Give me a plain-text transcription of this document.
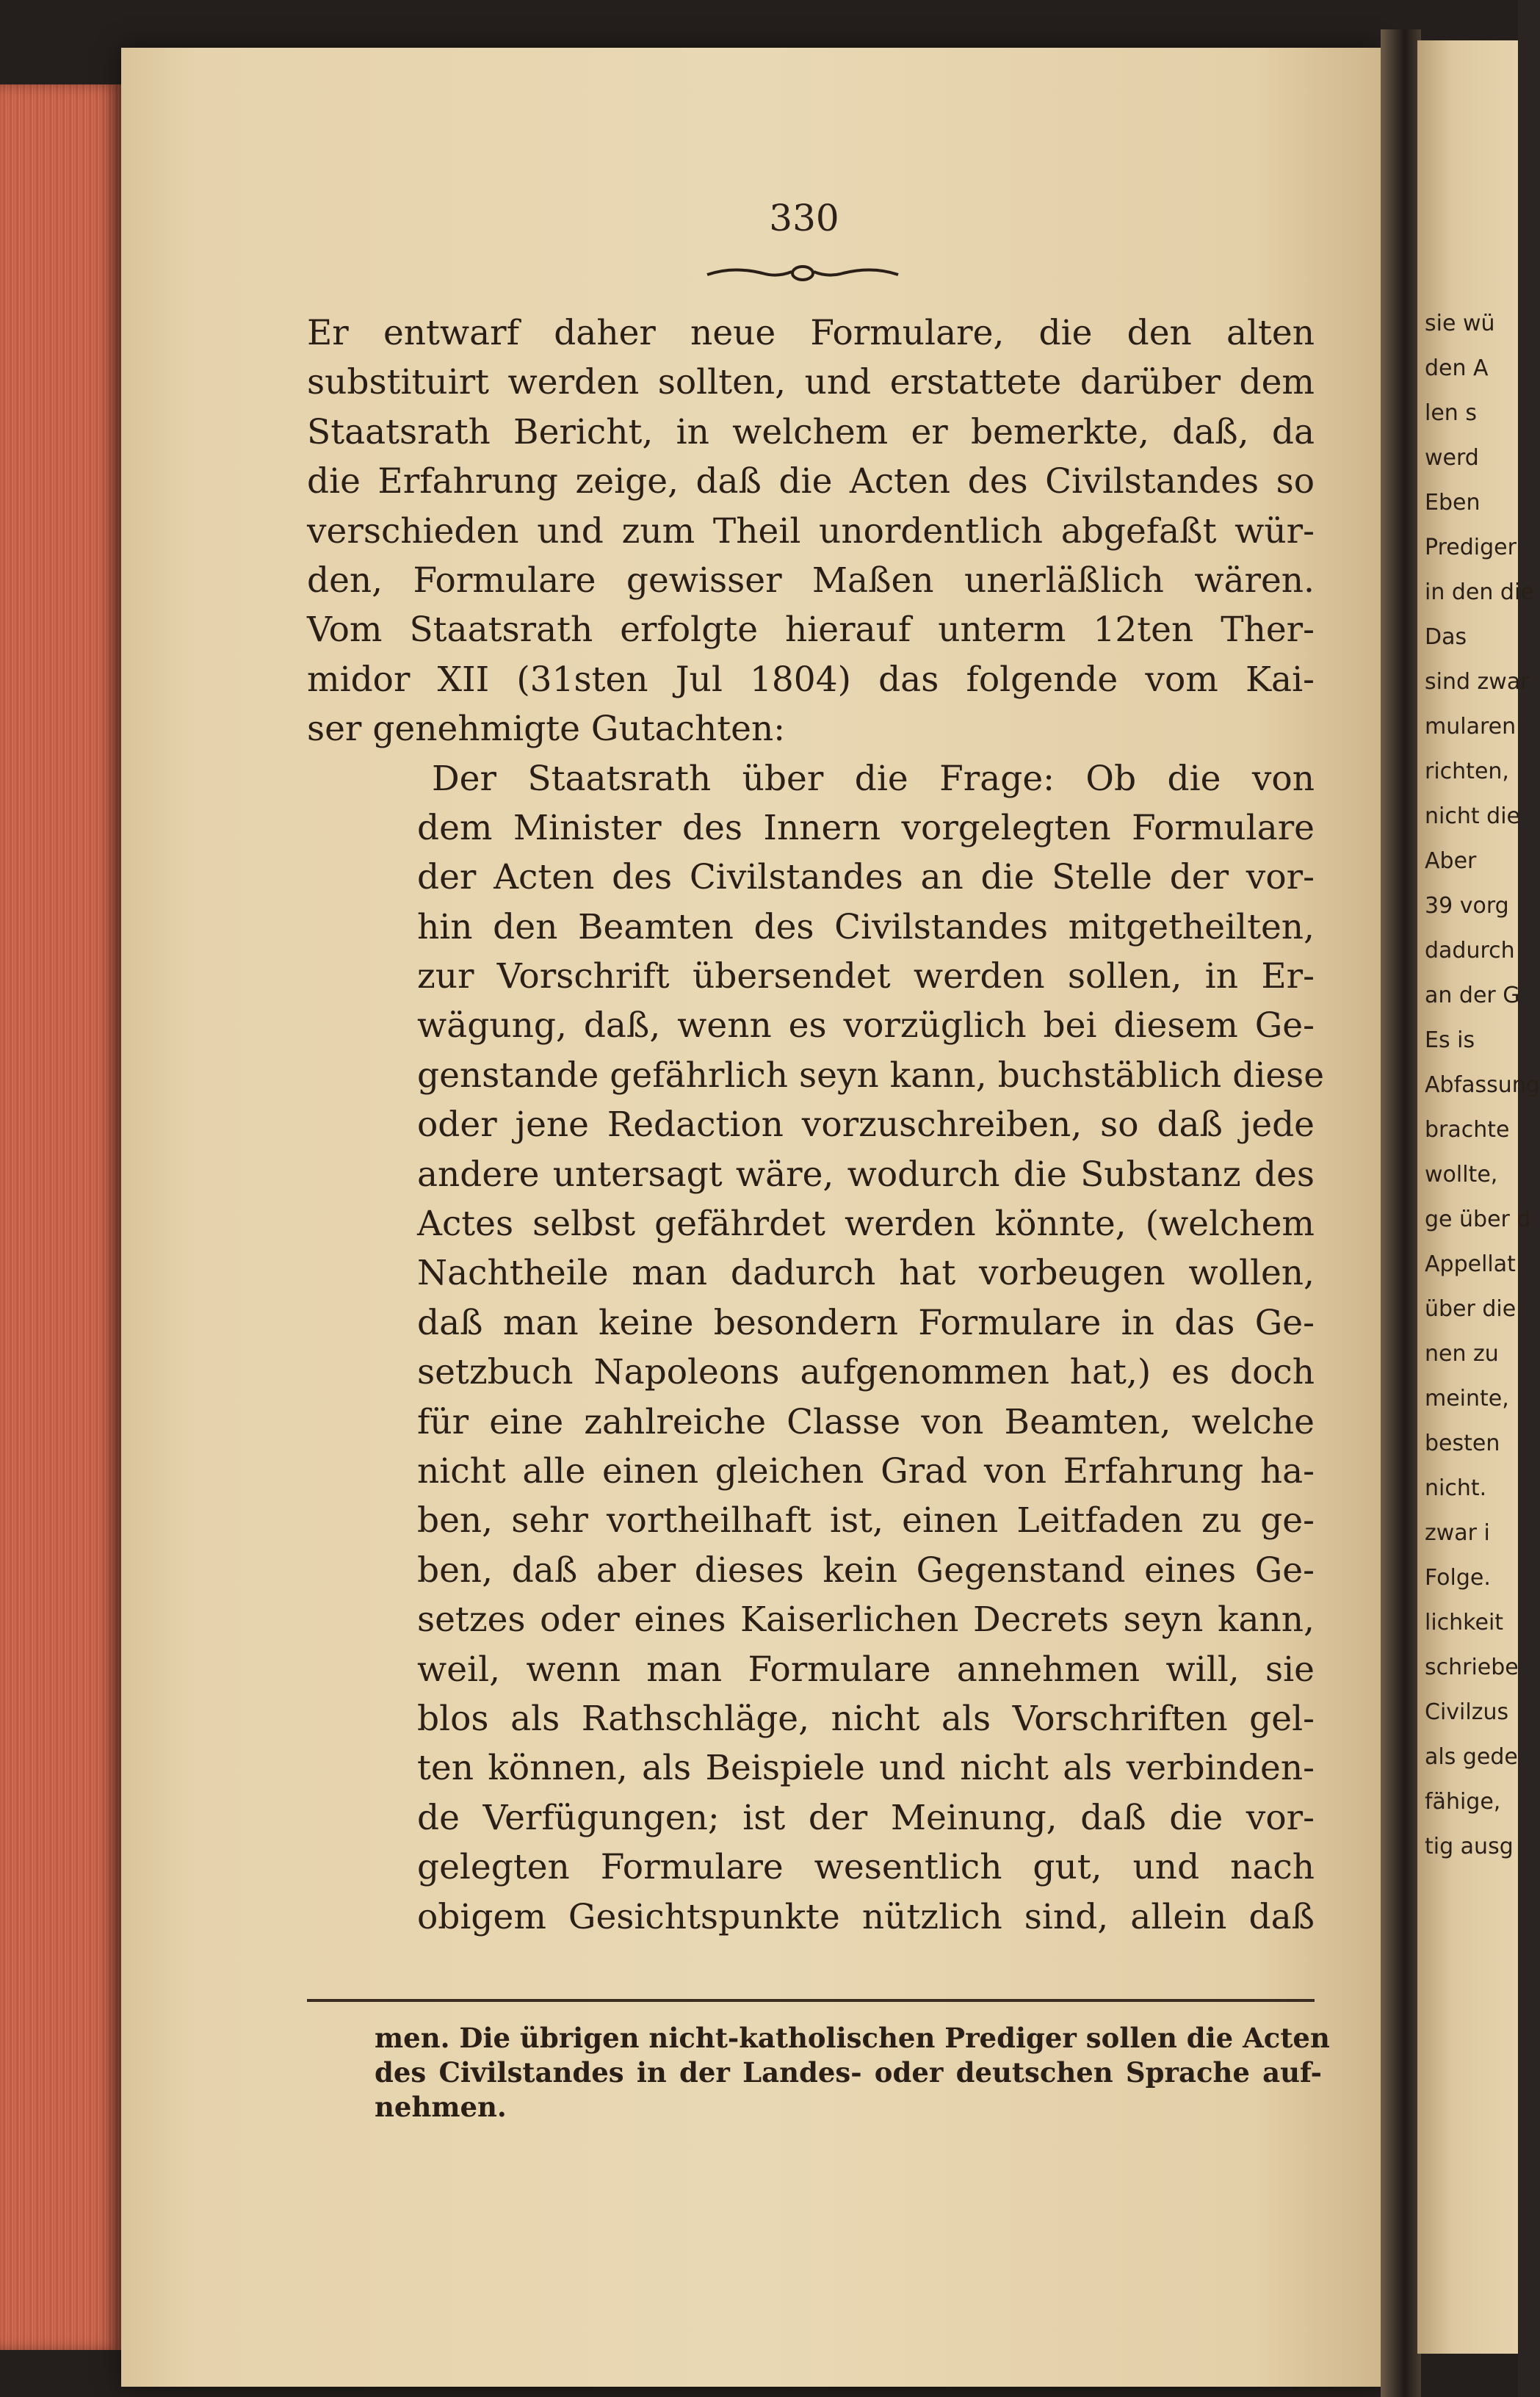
330
Er entwarf daher neue Formulare, die den alten
substituirt werden sollten, und erstattete darüber dem
Staatsrath Bericht, in welchem er bemerkte, daß, da
die Erfahrung zeige, daß die Acten des Civilstandes so
verschieden und zum Theil unordentlich abgefaßt wür-
den, Formulare gewisser Maßen unerläßlich wären.
Vom Staatsrath erfolgte hierauf unterm 12ten Ther-
midor XII (31sten Jul 1804) das folgende vom Kai-
ser genehmigte Gutachten:
Der Staatsrath über die Frage: Ob die von
dem Minister des Innern vorgelegten Formulare
der Acten des Civilstandes an die Stelle der vor-
hin den Beamten des Civilstandes mitgetheilten,
zur Vorschrift übersendet werden sollen, in Er-
wägung, daß, wenn es vorzüglich bei diesem Ge-
genstande gefährlich seyn kann, buchstäblich diese
oder jene Redaction vorzuschreiben, so daß jede
andere untersagt wäre, wodurch die Substanz des
Actes selbst gefährdet werden könnte, (welchem
Nachtheile man dadurch hat vorbeugen wollen,
daß man keine besondern Formulare in das Ge-
setzbuch Napoleons aufgenommen hat,) es doch
für eine zahlreiche Classe von Beamten, welche
nicht alle einen gleichen Grad von Erfahrung ha-
ben, sehr vortheilhaft ist, einen Leitfaden zu ge-
ben, daß aber dieses kein Gegenstand eines Ge-
setzes oder eines Kaiserlichen Decrets seyn kann,
weil, wenn man Formulare annehmen will, sie
blos als Rathschläge, nicht als Vorschriften gel-
ten können, als Beispiele und nicht als verbinden-
de Verfügungen; ist der Meinung, daß die vor-
gelegten Formulare wesentlich gut, und nach
obigem Gesichtspunkte nützlich sind, allein daß
men. Die übrigen nicht-katholischen Prediger sollen die Acten
des Civilstandes in der Landes- oder deutschen Sprache auf-
nehmen.
sie wü
den A
len s
werd
Eben
Prediger
in den die
Das
sind zwar
mularen
richten,
nicht die
Aber
39 vorg
dadurch
an der G
Es is
Abfassung
brachte
wollte,
ge über d
Appellat
über die
nen zu
meinte,
besten
nicht.
zwar i
Folge.
lichkeit
schriebe
Civilzus
als gede
fähige,
tig ausg
